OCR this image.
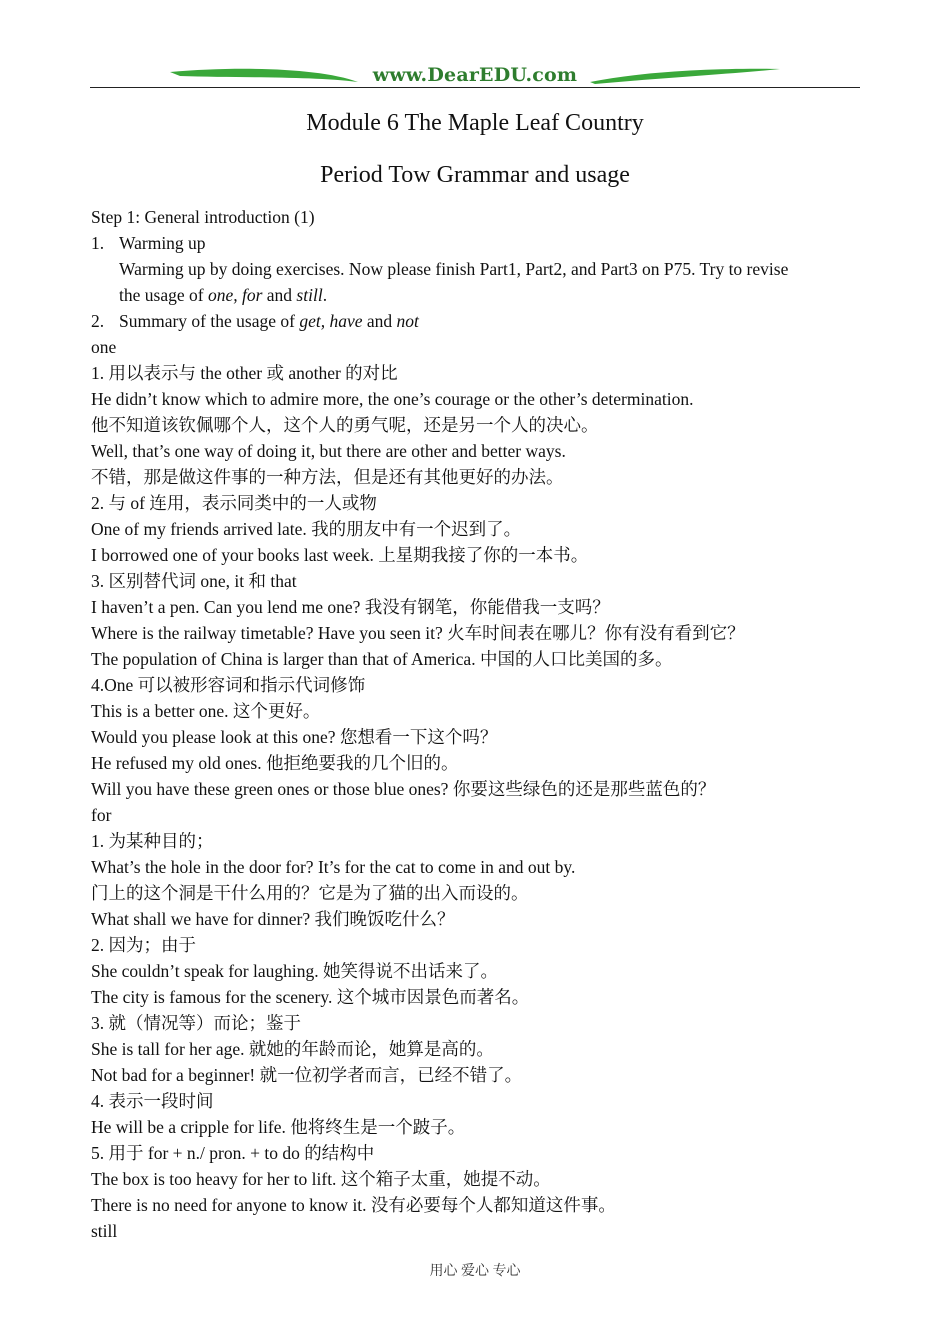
www.DearEDU.com
Module 6 The Maple Leaf Country
Period Tow Grammar and usage
Step 1: General introduction (1)
1. Warming up
Warming up by doing exercises. Now please finish Part1, Part2, and Part3 on P75. Try to revise
the usage of one, for and still.
2. Summary of the usage of get, have and not
one
1. 用以表示与 the other 或 another 的对比
He didn’t know which to admire more, the one’s courage or the other’s determination.
他不知道该钦佩哪个人，这个人的勇气呢，还是另一个人的决心。
Well, that’s one way of doing it, but there are other and better ways.
不错，那是做这件事的一种方法，但是还有其他更好的办法。
2. 与 of 连用，表示同类中的一人或物
One of my friends arrived late. 我的朋友中有一个迟到了。
I borrowed one of your books last week. 上星期我接了你的一本书。
3. 区别替代词 one, it 和 that
I haven’t a pen. Can you lend me one? 我没有钢笔，你能借我一支吗？
Where is the railway timetable? Have you seen it? 火车时间表在哪儿？你有没有看到它？
The population of China is larger than that of America. 中国的人口比美国的多。
4.One 可以被形容词和指示代词修饰
This is a better one. 这个更好。
Would you please look at this one? 您想看一下这个吗？
He refused my old ones. 他拒绝要我的几个旧的。
Will you have these green ones or those blue ones? 你要这些绿色的还是那些蓝色的？
for
1. 为某种目的；
What’s the hole in the door for? It’s for the cat to come in and out by.
门上的这个洞是干什么用的？它是为了猫的出入而设的。
What shall we have for dinner? 我们晚饭吃什么？
2. 因为；由于
She couldn’t speak for laughing. 她笑得说不出话来了。
The city is famous for the scenery. 这个城市因景色而著名。
3. 就（情况等）而论；鉴于
She is tall for her age. 就她的年龄而论，她算是高的。
Not bad for a beginner! 就一位初学者而言，已经不错了。
4. 表示一段时间
He will be a cripple for life. 他将终生是一个跛子。
5. 用于 for + n./ pron. + to do 的结构中
The box is too heavy for her to lift. 这个箱子太重，她提不动。
There is no need for anyone to know it. 没有必要每个人都知道这件事。
still
用心 爱心 专心
